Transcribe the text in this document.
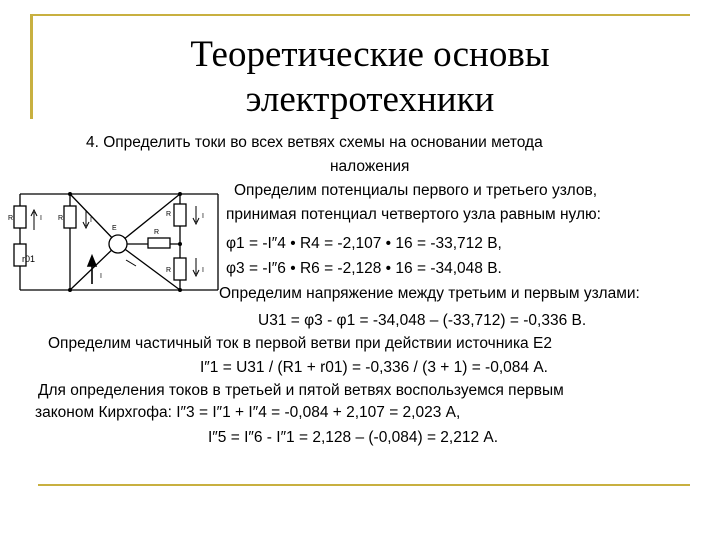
Теоретические основы
электротехники
4. Определить токи во всех ветвях схемы на основании метода
наложения
R	I R	I
E
R
R	I
R	I
I
r01
Определим потенциалы первого и третьего узлов,
принимая потенциал четвертого узла равным нулю:
φ1 = -I″4 • R4 = -2,107 • 16 = -33,712 В,
φ3 = -I″6 • R6 = -2,128 • 16 = -34,048 В.
Определим напряжение между третьим и первым узлами:
U31 = φ3 - φ1 = -34,048 – (-33,712) = -0,336 В.
Определим частичный ток в первой ветви при действии источника E2
I″1 = U31 / (R1 + r01) = -0,336 / (3 + 1) = -0,084 А.
Для определения токов в третьей и пятой ветвях воспользуемся первым
законом Кирхгофа: I″3 = I″1 + I″4 = -0,084 + 2,107 = 2,023 А,
I″5 = I″6 - I″1 = 2,128 – (-0,084) = 2,212 А.
